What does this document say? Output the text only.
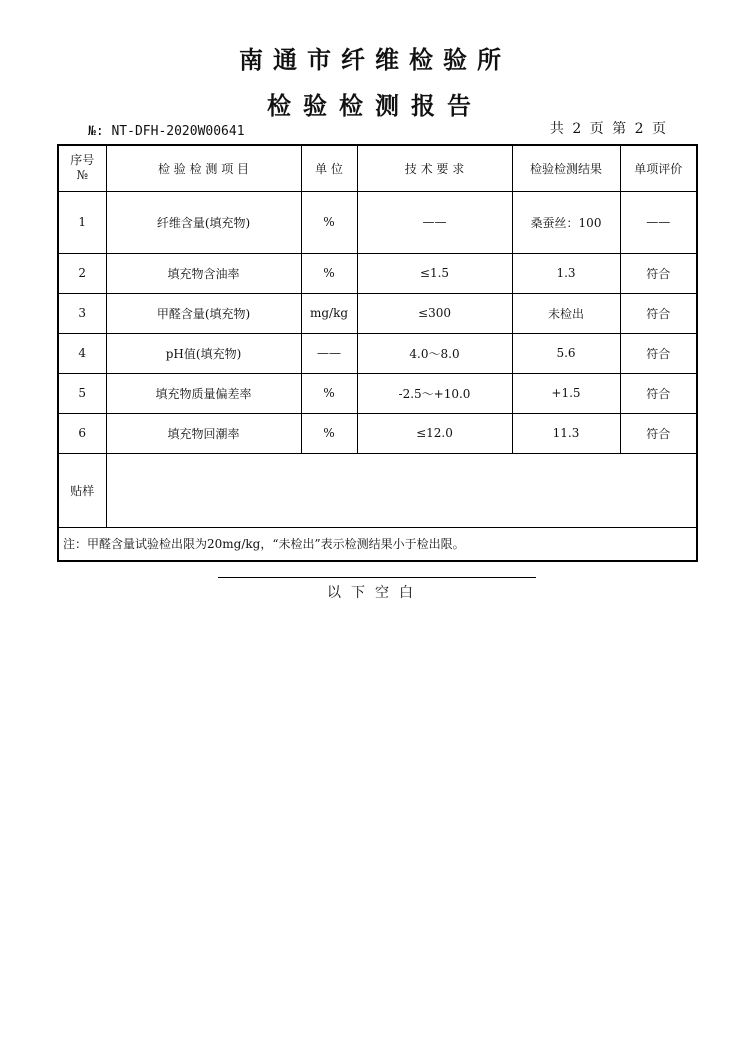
南通市纤维检验所
检验检测报告
№: NT-DFH-2020W00641	共 2 页 第 2 页
序号
№	检 验 检 测 项 目	单 位	技 术 要 求	检验检测结果	单项评价
1	纤维含量(填充物)	%	——	桑蚕丝：100	——
2	填充物含油率	%	≤1.5	1.3	符合
3	甲醛含量(填充物)	mg/kg	≤300	未检出	符合
4	pH值(填充物)	——	4.0～8.0	5.6	符合
5	填充物质量偏差率	%	-2.5～+10.0	+1.5	符合
6	填充物回潮率	%	≤12.0	11.3	符合
贴样					
注：甲醛含量试验检出限为20mg/kg，“未检出”表示检测结果小于检出限。					
以下空白
